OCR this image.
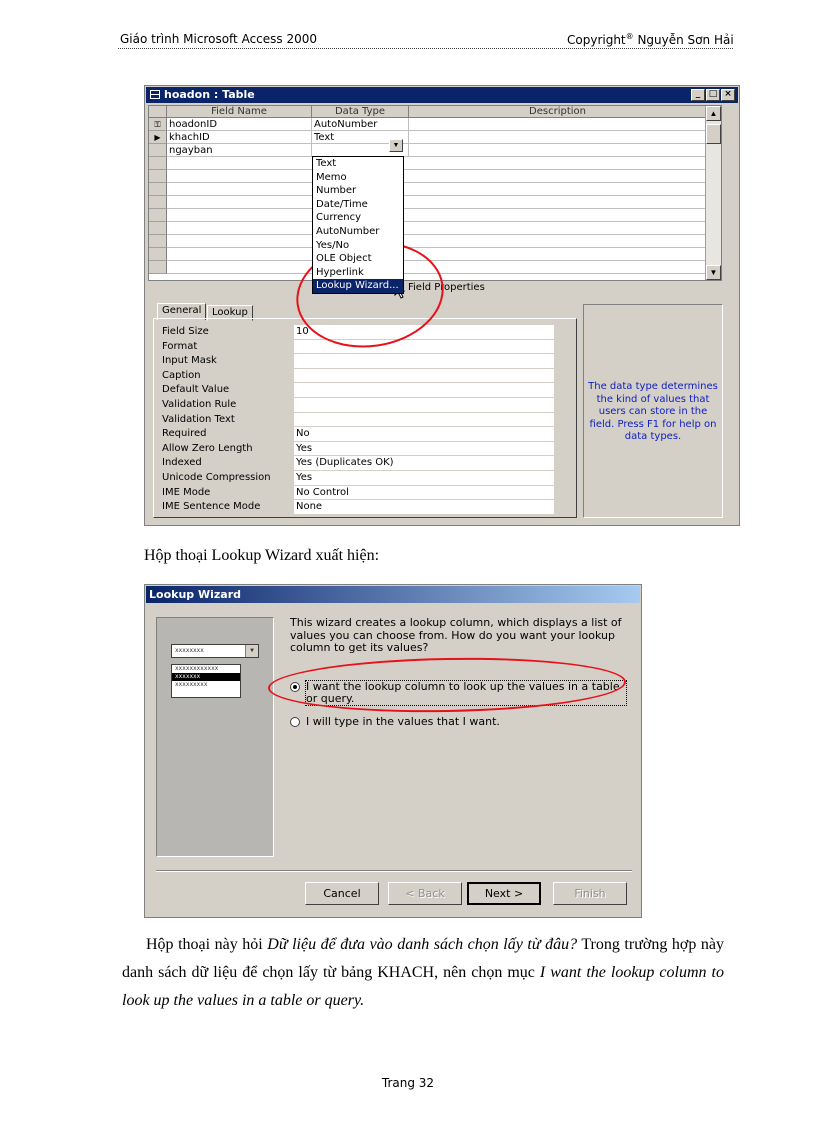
Giáo trình Microsoft Access 2000	Copyright® Nguyễn Sơn Hải
hoadon : Table	_ □ ×
Field Name	Data Type	Description
⚿
▶
hoadonID	AutoNumber
khachID	Text
ngayban
▲
▼
▼
Text
Memo
Number
Date/Time
Currency
AutoNumber
Yes/No
OLE Object
Hyperlink
Lookup Wizard... Field Properties
General	Lookup
Field Size	10
Format
Input Mask
Caption
Default Value
Validation Rule
Validation Text
Required	No
Allow Zero Length	Yes
Indexed	Yes (Duplicates OK)
Unicode Compression	Yes
IME Mode	No Control
IME Sentence Mode	None
The data type determines the kind of values that users can store in the field. Press F1 for help on data types.
Hộp thoại Lookup Wizard xuất hiện:
Lookup Wizard
xxxxxxxx	▼
xxxxxxxxxxxx
xxxxxxx
xxxxxxxxx
This wizard creates a lookup column, which displays a list of values you can choose from. How do you want your lookup column to get its values?
I want the lookup column to look up the values in a table or query.
I will type in the values that I want.
Cancel	< Back	Next >	Finish
Hộp thoại này hỏi Dữ liệu để đưa vào danh sách chọn lấy từ đâu? Trong trường hợp này danh sách dữ liệu để chọn lấy từ bảng KHACH, nên chọn mục I want the lookup column to look up the values in a table or query.
Trang 32
